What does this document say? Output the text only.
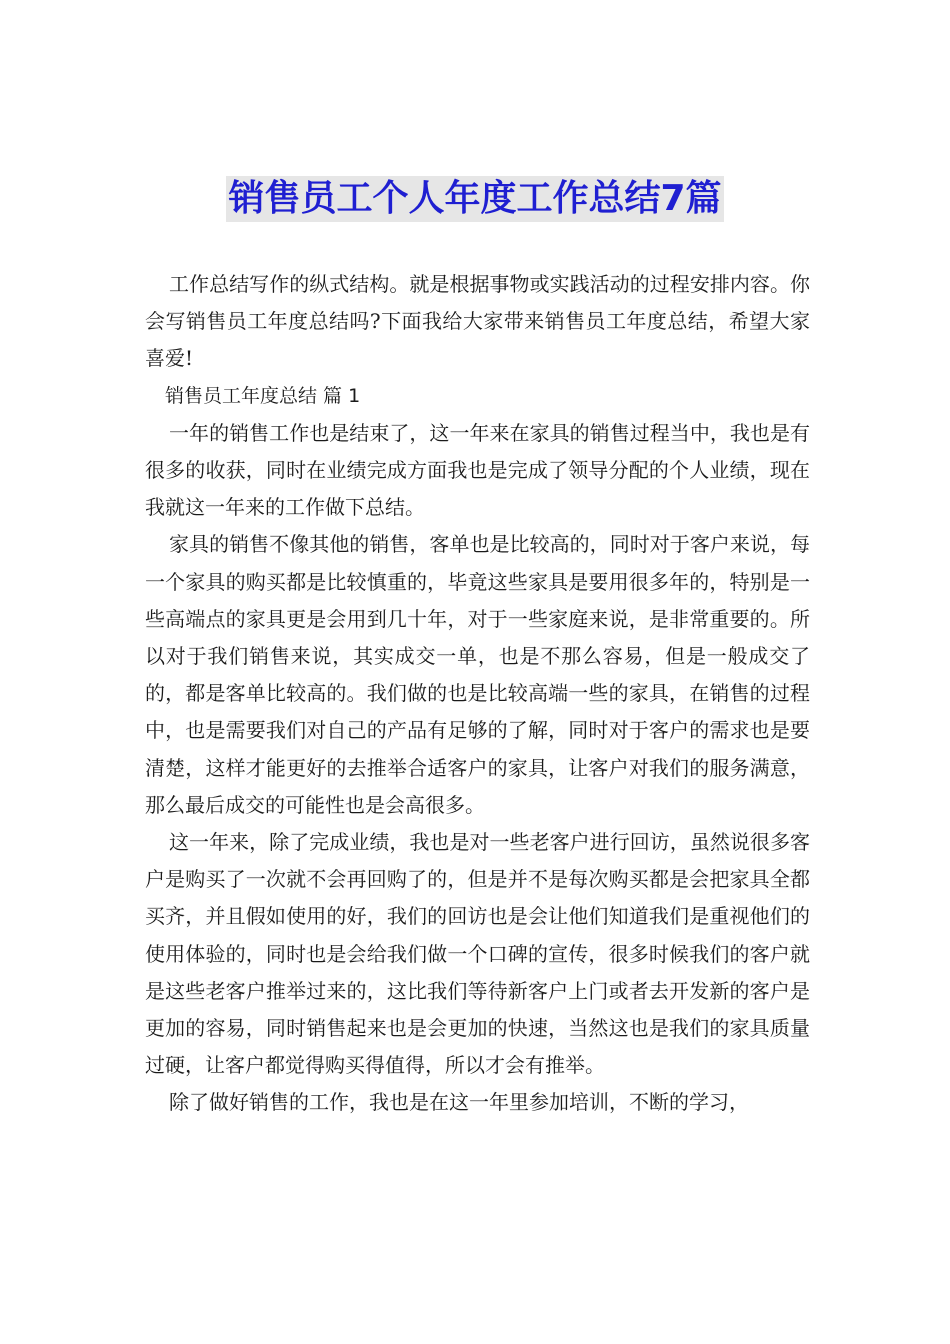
销售员工个人年度工作总结7篇

工作总结写作的纵式结构。就是根据事物或实践活动的过程安排内容。你会写销售员工年度总结吗?下面我给大家带来销售员工年度总结，希望大家喜爱!

销售员工年度总结 篇 1

一年的销售工作也是结束了，这一年来在家具的销售过程当中，我也是有很多的收获，同时在业绩完成方面我也是完成了领导分配的个人业绩，现在我就这一年来的工作做下总结。

家具的销售不像其他的销售，客单也是比较高的，同时对于客户来说，每一个家具的购买都是比较慎重的，毕竟这些家具是要用很多年的，特别是一些高端点的家具更是会用到几十年，对于一些家庭来说，是非常重要的。所以对于我们销售来说，其实成交一单，也是不那么容易，但是一般成交了的，都是客单比较高的。我们做的也是比较高端一些的家具，在销售的过程中，也是需要我们对自己的产品有足够的了解，同时对于客户的需求也是要清楚，这样才能更好的去推举合适客户的家具，让客户对我们的服务满意，那么最后成交的可能性也是会高很多。

这一年来，除了完成业绩，我也是对一些老客户进行回访，虽然说很多客户是购买了一次就不会再回购了的，但是并不是每次购买都是会把家具全都买齐，并且假如使用的好，我们的回访也是会让他们知道我们是重视他们的使用体验的，同时也是会给我们做一个口碑的宣传，很多时候我们的客户就是这些老客户推举过来的，这比我们等待新客户上门或者去开发新的客户是更加的容易，同时销售起来也是会更加的快速，当然这也是我们的家具质量过硬，让客户都觉得购买得值得，所以才会有推举。

除了做好销售的工作，我也是在这一年里参加培训，不断的学习，
